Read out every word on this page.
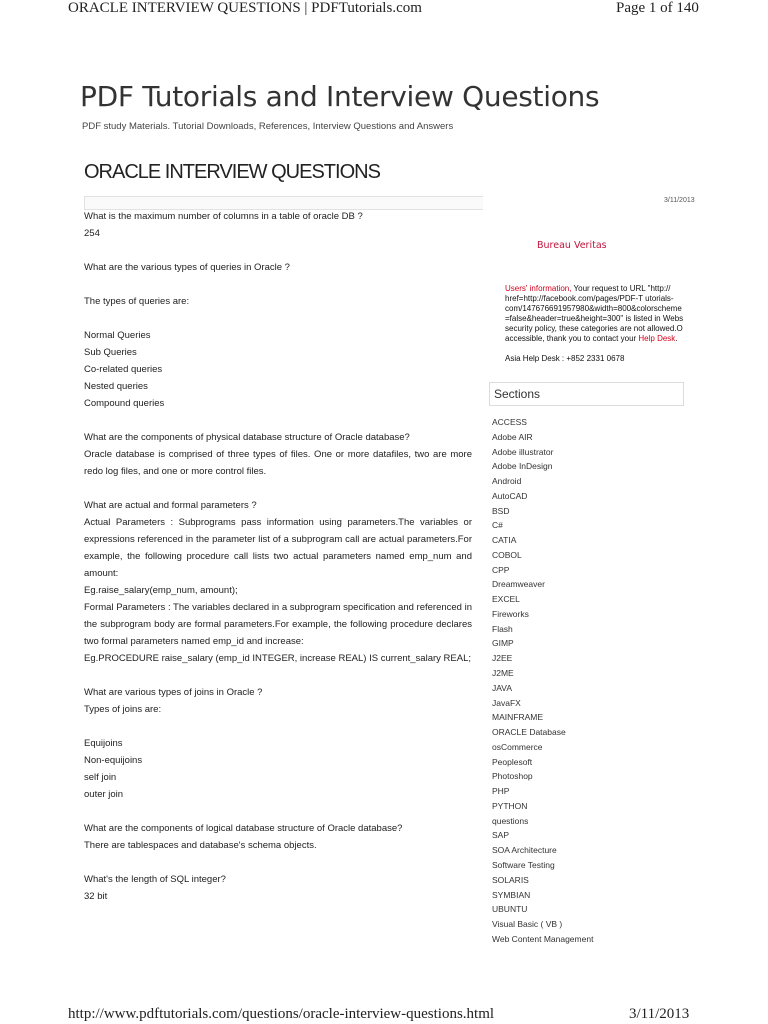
ORACLE INTERVIEW QUESTIONS | PDFTutorials.com	Page 1 of 140
PDF Tutorials and Interview Questions
PDF study Materials. Tutorial Downloads, References, Interview Questions and Answers
ORACLE INTERVIEW QUESTIONS
3/11/2013

What is the maximum number of columns in a table of oracle DB ?

254

What are the various types of queries in Oracle ?

The types of queries are:

Normal Queries

Sub Queries

Co-related queries

Nested queries

Compound queries

What are the components of physical database structure of Oracle database?

Oracle database is comprised of three types of files. One or more datafiles, two are more redo log files, and one or more control files.

What are actual and formal parameters ?

Actual Parameters : Subprograms pass information using parameters.The variables or expressions referenced in the parameter list of a subprogram call are actual parameters.For example, the following procedure call lists two actual parameters named emp_num and amount:

Eg.raise_salary(emp_num, amount);

Formal Parameters : The variables declared in a subprogram specification and referenced in the subprogram body are formal parameters.For example, the following procedure declares two formal parameters named emp_id and increase:

Eg.PROCEDURE raise_salary (emp_id INTEGER, increase REAL) IS current_salary REAL;

What are various types of joins in Oracle ?

Types of joins are:

Equijoins

Non-equijoins

self join

outer join

What are the components of logical database structure of Oracle database?

There are tablespaces and database's schema objects.

What's the length of SQL integer?

32 bit

Bureau Veritas
Users' information, Your request to URL "http://
href=http://facebook.com/pages/PDF-T utorials-
com/147676691957980&width=800&colorscheme
=false&header=true&height=300" is listed in Webs
security policy, these categories are not allowed.O
accessible, thank you to contact your Help Desk.
Asia Help Desk : +852 2331 0678
Sections
ACCESS
Adobe AIR
Adobe illustrator
Adobe InDesign
Android
AutoCAD
BSD
C#
CATIA
COBOL
CPP
Dreamweaver
EXCEL
Fireworks
Flash
GIMP
J2EE
J2ME
JAVA
JavaFX
MAINFRAME
ORACLE Database
osCommerce
Peoplesoft
Photoshop
PHP
PYTHON
questions
SAP
SOA Architecture
Software Testing
SOLARIS
SYMBIAN
UBUNTU
Visual Basic ( VB )
Web Content Management
http://www.pdftutorials.com/questions/oracle-interview-questions.html	3/11/2013
